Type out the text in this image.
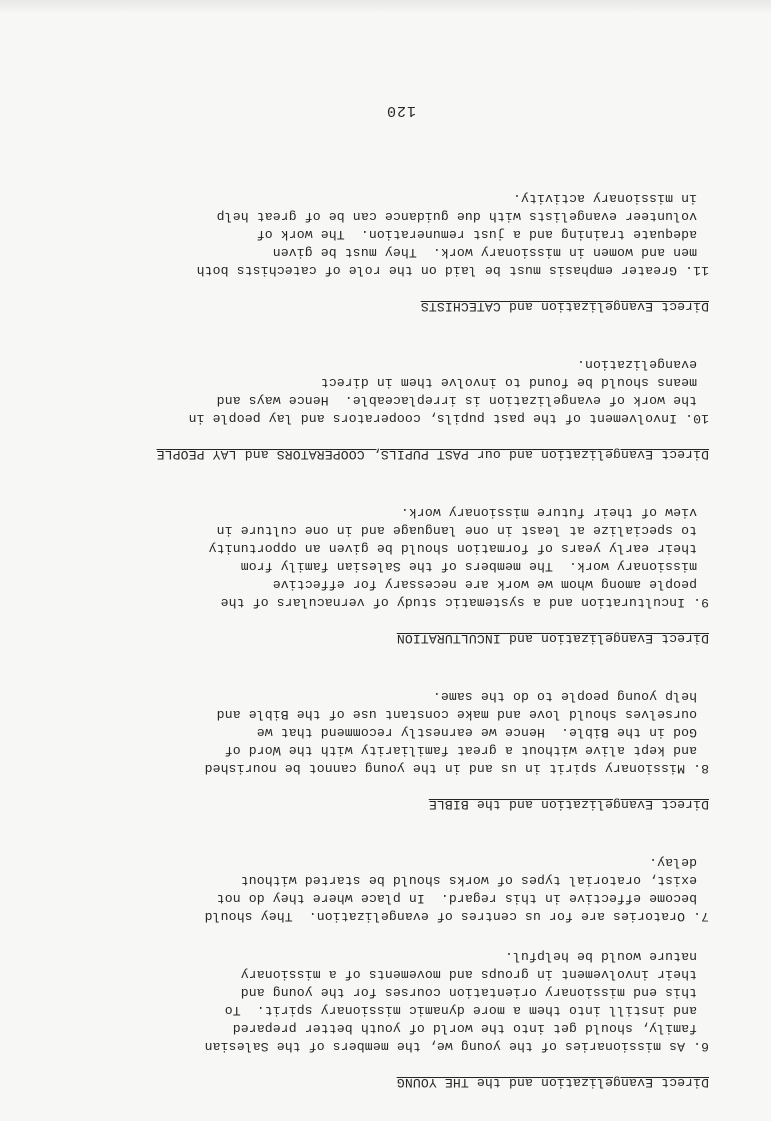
Direct Evangelization and the THE YOUNG
6. As missionaries of the young we, the members of the Salesian
family, should get into the world of youth better prepared
and instill into them a more dynamic missionary spirit.  To
this end missionary orientation courses for the young and
their involvement in groups and movements of a missionary
nature would be helpful.
7. Oratories are for us centres of evangelization.  They should
become effective in this regard.  In place where they do not
exist, oratorial types of works should be started without
delay.
Direct Evangelization and the BIBLE
8. Missionary spirit in us and in the young cannot be nourished
and kept alive without a great familiarity with the Word of
God in the Bible.  Hence we earnestly recommend that we
ourselves should love and make constant use of the Bible and
help young people to do the same.
Direct Evangelization and INCULTURATION
9. Inculturation and a systematic study of vernaculars of the
people among whom we work are necessary for effective
missionary work.  The members of the Salesian family from
their early years of formation should be given an opportunity
to specialize at least in one language and in one culture in
view of their future missionary work.
Direct Evangelization and our PAST PUPILS, COOPERATORS and LAY PEOPLE
10. Involvement of the past pupils, cooperators and lay people in
the work of evangelization is irreplaceable.  Hence ways and
means should be found to involve them in direct
evangelization.
Direct Evangelization and CATECHISTS
11. Greater emphasis must be laid on the role of catechists both
men and women in missionary work.  They must be given
adequate training and a just remuneration.  The work of
volunteer evangelists with due guidance can be of great help
in missionary activity.
120
